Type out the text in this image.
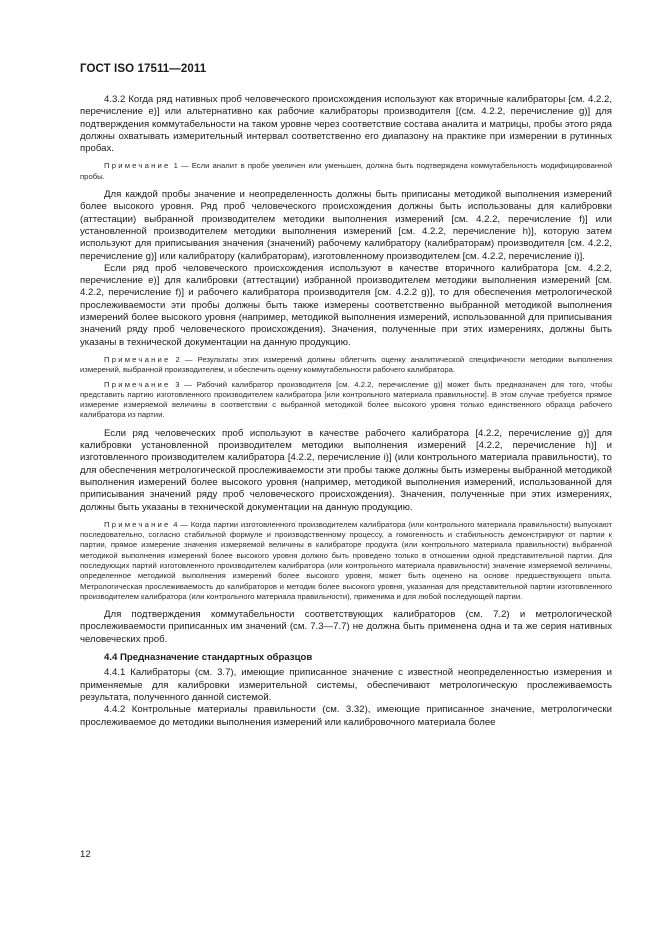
ГОСТ ISO 17511—2011

4.3.2 Когда ряд нативных проб человеческого происхождения используют как вторичные калибраторы [см. 4.2.2, перечисление e)] или альтернативно как рабочие калибраторы производителя [(см. 4.2.2, перечисление g)] для подтверждения коммутабельности на таком уровне через соответствие состава аналита и матрицы, пробы этого ряда должны охватывать измерительный интервал соответственно его диапазону на практике при измерении в рутинных пробах.

Примечание 1 — Если аналит в пробе увеличен или уменьшен, должна быть подтверждена коммутабельность модифицированной пробы.

Для каждой пробы значение и неопределенность должны быть приписаны методикой выполнения измерений более высокого уровня. Ряд проб человеческого происхождения должны быть использованы для калибровки (аттестации) выбранной производителем методики выполнения измерений [см. 4.2.2, перечисление f)] или установленной производителем методики выполнения измерений [см. 4.2.2, перечисление h)], которую затем используют для приписывания значения (значений) рабочему калибратору (калибраторам) производителя [см. 4.2.2, перечисление g)] или калибратору (калибраторам), изготовленному производителем [см. 4.2.2, перечисление i)].

Если ряд проб человеческого происхождения используют в качестве вторичного калибратора [см. 4.2.2, перечисление e)] для калибровки (аттестации) избранной производителем методики выполнения измерений [см. 4.2.2, перечисление f)] и рабочего калибратора производителя [см. 4.2.2 g)], то для обеспечения метрологической прослеживаемости эти пробы должны быть также измерены соответственно выбранной методикой выполнения измерений более высокого уровня (например, методикой выполнения измерений, использованной для приписывания значений ряду проб человеческого происхождения). Значения, полученные при этих измерениях, должны быть указаны в технической документации на данную продукцию.

Примечание 2 — Результаты этих измерений должны облегчить оценку аналитической специфичности методики выполнения измерений, выбранной производителем, и обеспечить оценку коммутабельности рабочего калибратора.

Примечание 3 — Рабочий калибратор производителя [см. 4.2.2, перечисление g)] может быть предназначен для того, чтобы представить партию изготовленного производителем калибратора [или контрольного материала правильности]. В этом случае требуется прямое измерение измеряемой величины в соответствии с выбранной методикой более высокого уровня только единственного образца рабочего калибратора из партии.

Если ряд человеческих проб используют в качестве рабочего калибратора [4.2.2, перечисление g)] для калибровки установленной производителем методики выполнения измерений [4.2.2, перечисление h)] и изготовленного производителем калибратора [4.2.2, перечисление i)] (или контрольного материала правильности), то для обеспечения метрологической прослеживаемости эти пробы также должны быть измерены выбранной методикой выполнения измерений более высокого уровня (например, методикой выполнения измерений, использованной для приписывания значений ряду проб человеческого происхождения). Значения, полученные при этих измерениях, должны быть указаны в технической документации на данную продукцию.

Примечание 4 — Когда партии изготовленного производителем калибратора (или контрольного материала правильности) выпускают последовательно, согласно стабильной формуле и производственному процессу, а гомогенность и стабильность демонстрируют от партии к партии, прямое измерение значения измеряемой величины в калибраторе продукта (или контрольного материала правильности) выбранной методикой выполнения измерений более высокого уровня должно быть проведено только в отношении одной представительной партии. Для последующих партий изготовленного производителем калибратора (или контрольного материала правильности) значение измеряемой величины, определенное методикой выполнения измерений более высокого уровня, может быть оценено на основе предшествующего опыта. Метрологическая прослеживаемость до калибраторов и методик более высокого уровня, указанная для представительной партии изготовленного производителем калибратора (или контрольного материала правильности), применима и для любой последующей партии.

Для подтверждения коммутабельности соответствующих калибраторов (см. 7.2) и метрологической прослеживаемости приписанных им значений (см. 7.3—7.7) не должна быть применена одна и та же серия нативных человеческих проб.

4.4 Предназначение стандартных образцов

4.4.1 Калибраторы (см. 3.7), имеющие приписанное значение с известной неопределенностью измерения и применяемые для калибровки измерительной системы, обеспечивают метрологическую прослеживаемость результата, полученного данной системой.

4.4.2 Контрольные материалы правильности (см. 3.32), имеющие приписанное значение, метрологически прослеживаемое до методики выполнения измерений или калибровочного материала более

12
